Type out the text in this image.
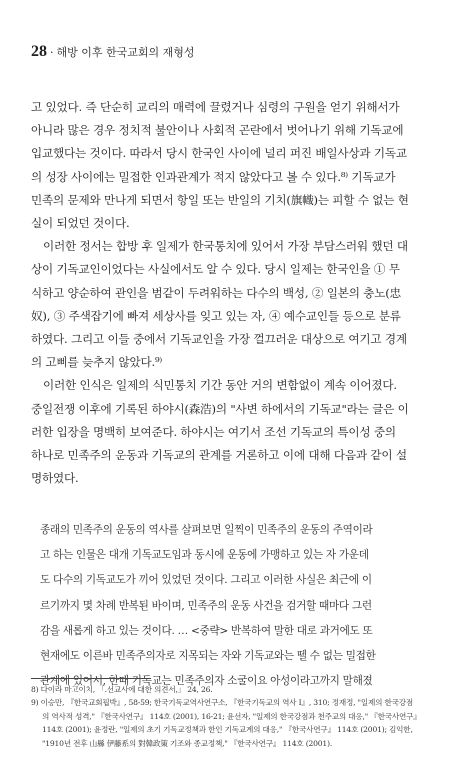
28 · 해방 이후 한국교회의 재형성
고 있었다. 즉 단순히 교리의 매력에 끌렸거나 심령의 구원을 얻기 위해서가
아니라 많은 경우 정치적 불안이나 사회적 곤란에서 벗어나기 위해 기독교에
입교했다는 것이다. 따라서 당시 한국인 사이에 널리 퍼진 배일사상과 기독교
의 성장 사이에는 밀접한 인과관계가 적지 않았다고 볼 수 있다.⁸⁾ 기독교가
민족의 문제와 만나게 되면서 항일 또는 반일의 기치(旗幟)는 피할 수 없는 현
실이 되었던 것이다.
이러한 정서는 합방 후 일제가 한국통치에 있어서 가장 부담스러워 했던 대
상이 기독교인이었다는 사실에서도 알 수 있다. 당시 일제는 한국인을 ① 무
식하고 양순하여 관인을 범같이 두려워하는 다수의 백성, ② 일본의 충노(忠
奴), ③ 주색잡기에 빠져 세상사를 잊고 있는 자, ④ 예수교인들 등으로 분류
하였다. 그리고 이들 중에서 기독교인을 가장 껄끄러운 대상으로 여기고 경계
의 고삐를 늦추지 않았다.⁹⁾
이러한 인식은 일제의 식민통치 기간 동안 거의 변함없이 계속 이어졌다.
중일전쟁 이후에 기록된 하야시(森浩)의 "사변 하에서의 기독교"라는 글은 이
러한 입장을 명백히 보여준다. 하야시는 여기서 조선 기독교의 특이성 중의
하나로 민족주의 운동과 기독교의 관계를 거론하고 이에 대해 다음과 같이 설
명하였다.
종래의 민족주의 운동의 역사를 살펴보면 일찍이 민족주의 운동의 주역이라
고 하는 인물은 대개 기독교도임과 동시에 운동에 가맹하고 있는 자 가운데
도 다수의 기독교도가 끼어 있었던 것이다. 그리고 이러한 사실은 최근에 이
르기까지 몇 차례 반복된 바이며, 민족주의 운동 사건을 검거할 때마다 그런
감을 새롭게 하고 있는 것이다. … <중략> 반복하여 말한 대로 과거에도 또
현재에도 이른바 민족주의자로 지목되는 자와 기독교와는 뗄 수 없는 밀접한
관계에 있어서, 한때 기독교는 민족주의자 소굴이요 아성이라고까지 말해졌
8) 다이라 마고이치, 「.선교사에 대한 의견서,」 24, 26.
9) 이승만, 『한국교회핍박』, 58-59; 한국기독교역사연구소, 『한국기독교의 역사 I』, 310; 정재정, "일제의 한국강점
의 역사적 성격," 『한국사연구』 114호 (2001), 16-21; 윤선자, "일제의 한국강점과 천주교의 대응," 『한국사연구』
114호 (2001); 윤정란, "일제의 초기 기독교정책과 한인 기독교계의 대응," 『한국사연구』 114호 (2001); 김익한,
"1910년 전후 山縣 伊藤系의 對韓政策 기조와 종교정책," 『한국사연구』 114호 (2001).
